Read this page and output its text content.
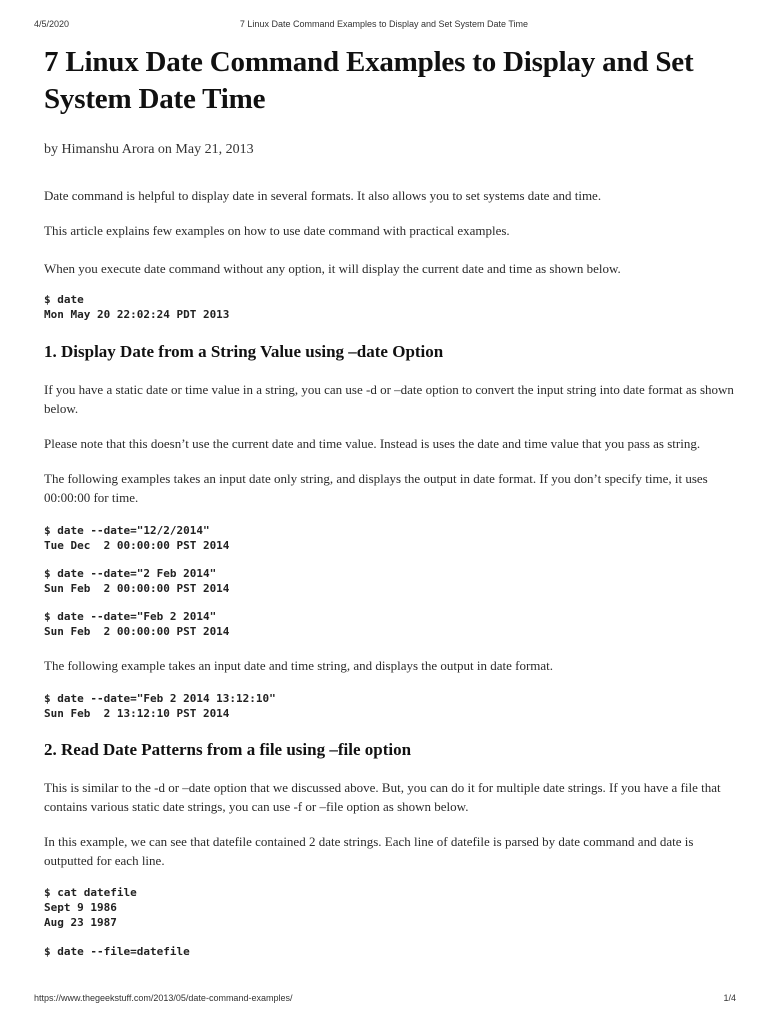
4/5/2020	7 Linux Date Command Examples to Display and Set System Date Time
7 Linux Date Command Examples to Display and Set System Date Time
by Himanshu Arora on May 21, 2013

Date command is helpful to display date in several formats. It also allows you to set systems date and time.

This article explains few examples on how to use date command with practical examples.

When you execute date command without any option, it will display the current date and time as shown below.

$ date
Mon May 20 22:02:24 PDT 2013
1. Display Date from a String Value using –date Option

If you have a static date or time value in a string, you can use -d or –date option to convert the input string into date format as shown below.

Please note that this doesn’t use the current date and time value. Instead is uses the date and time value that you pass as string.

The following examples takes an input date only string, and displays the output in date format. If you don’t specify time, it uses 00:00:00 for time.

$ date --date="12/2/2014"
Tue Dec  2 00:00:00 PST 2014
$ date --date="2 Feb 2014"
Sun Feb  2 00:00:00 PST 2014
$ date --date="Feb 2 2014"
Sun Feb  2 00:00:00 PST 2014

The following example takes an input date and time string, and displays the output in date format.

$ date --date="Feb 2 2014 13:12:10"
Sun Feb  2 13:12:10 PST 2014
2. Read Date Patterns from a file using –file option

This is similar to the -d or –date option that we discussed above. But, you can do it for multiple date strings. If you have a file that contains various static date strings, you can use -f or –file option as shown below.

In this example, we can see that datefile contained 2 date strings. Each line of datefile is parsed by date command and date is outputted for each line.

$ cat datefile
Sept 9 1986
Aug 23 1987
$ date --file=datefile
https://www.thegeekstuff.com/2013/05/date-command-examples/	1/4
